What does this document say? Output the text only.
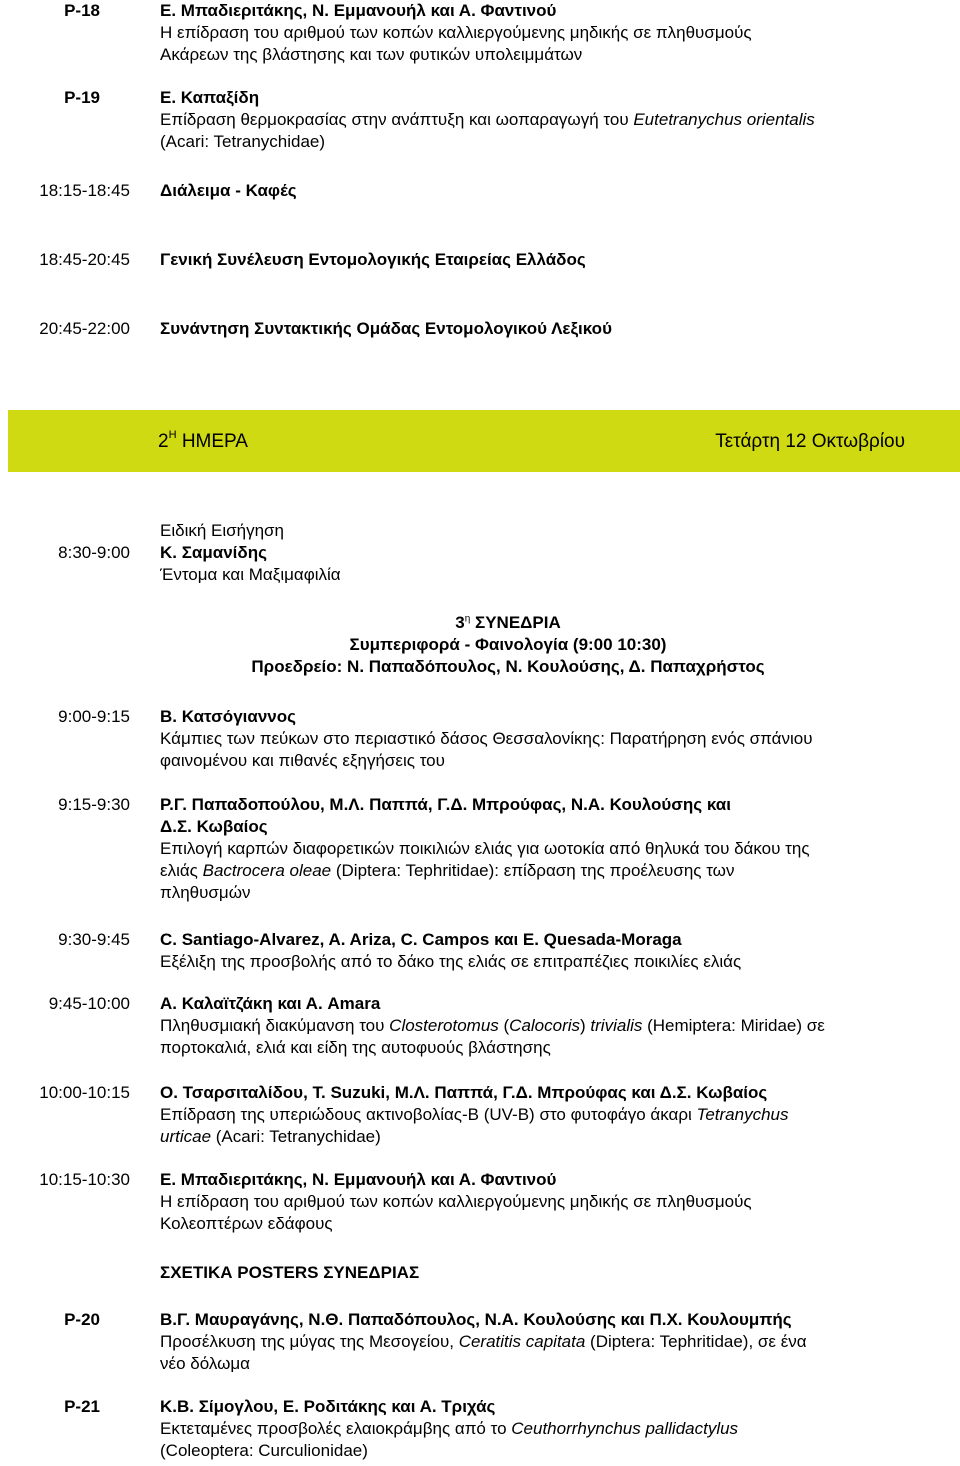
P-18	Ε. Μπαδιεριτάκης, Ν. Εμμανουήλ και Α. Φαντινού
Η επίδραση του αριθμού των κοπών καλλιεργούμενης μηδικής σε πληθυσμούς
Ακάρεων της βλάστησης και των φυτικών υπολειμμάτων
P-19	Ε. Καπαξίδη
Επίδραση θερμοκρασίας στην ανάπτυξη και ωοπαραγωγή του Eutetranychus orientalis
(Acari: Tetranychidae)
18:15-18:45 Διάλειμα - Καφές
18:45-20:45 Γενική Συνέλευση Εντομολογικής Εταιρείας Ελλάδος
20:45-22:00 Συνάντηση Συντακτικής Ομάδας Εντομολογικού Λεξικού
$2^H$ ΗΜΕΡΑ	Τετάρτη 12 Οκτωβρίου
8:30-9:00
Ειδική Εισήγηση
Κ. Σαμανίδης
Έντομα και Μαξιμαφιλία
$3^\eta$ ΣΥΝΕΔΡΙΑ
Συμπεριφορά - Φαινολογία (9:00 10:30)
Προεδρείο: Ν. Παπαδόπουλος, Ν. Κουλούσης, Δ. Παπαχρήστος
9:00-9:15 Β. Κατσόγιαννος
Κάμπιες των πεύκων στο περιαστικό δάσος Θεσσαλονίκης: Παρατήρηση ενός σπάνιου
φαινομένου και πιθανές εξηγήσεις του
9:15-9:30 Ρ.Γ. Παπαδοπούλου, Μ.Λ. Παππά, Γ.Δ. Μπρούφας, Ν.Α. Κουλούσης και
Δ.Σ. Κωβαίος
Επιλογή καρπών διαφορετικών ποικιλιών ελιάς για ωοτοκία από θηλυκά του δάκου της
ελιάς Bactrocera oleae (Diptera: Tephritidae): επίδραση της προέλευσης των
πληθυσμών
9:30-9:45 C. Santiago-Alvarez, A. Ariza, C. Campos και E. Quesada-Moraga
Εξέλιξη της προσβολής από το δάκο της ελιάς σε επιτραπέζιες ποικιλίες ελιάς
9:45-10:00 Α. Καλαϊτζάκη και Α. Amara
Πληθυσμιακή διακύμανση του Closterotomus (Calocoris) trivialis (Hemiptera: Miridae) σε
πορτοκαλιά, ελιά και είδη της αυτοφυούς βλάστησης
10:00-10:15 Ο. Τσαρσιταλίδου, T. Suzuki, Μ.Λ. Παππά, Γ.Δ. Μπρούφας και Δ.Σ. Κωβαίος
Επίδραση της υπεριώδους ακτινοβολίας-Β (UV-B) στο φυτοφάγο άκαρι Tetranychus
urticae (Acari: Tetranychidae)
10:15-10:30 Ε. Μπαδιεριτάκης, Ν. Εμμανουήλ και Α. Φαντινού
Η επίδραση του αριθμού των κοπών καλλιεργούμενης μηδικής σε πληθυσμούς
Κολεοπτέρων εδάφους
ΣΧΕΤΙΚΑ POSTERS ΣΥΝΕΔΡΙΑΣ
P-20	Β.Γ. Μαυραγάνης, Ν.Θ. Παπαδόπουλος, Ν.Α. Κουλούσης και Π.Χ. Κουλουμπής
Προσέλκυση της μύγας της Μεσογείου, Ceratitis capitata (Diptera: Tephritidae), σε ένα
νέο δόλωμα
P-21	Κ.Β. Σίμογλου, Ε. Ροδιτάκης και Α. Τριχάς
Εκτεταμένες προσβολές ελαιοκράμβης από το Ceuthorrhynchus pallidactylus
(Coleoptera: Curculionidae)
